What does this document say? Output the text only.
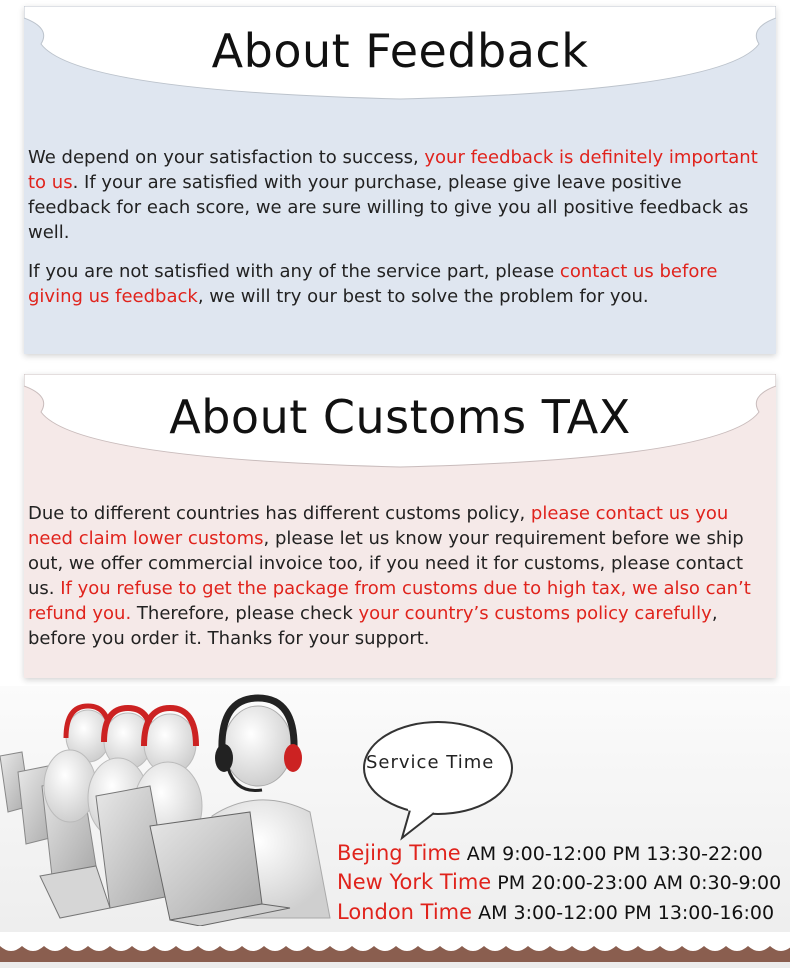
About Feedback

We depend on your satisfaction to success, your feedback is definitely important to us. If your are satisfied with your purchase, please give leave positive feedback for each score, we are sure willing to give you all positive feedback as well.

If you are not satisfied with any of the service part, please contact us before giving us feedback, we will try our best to solve the problem for you.

About Customs TAX

Due to different countries has different customs policy, please contact us you need claim lower customs, please let us know your requirement before we ship out, we offer commercial invoice too, if you need it for customs, please contact us. If you refuse to get the package from customs due to high tax, we also can’t refund you. Therefore, please check your country’s customs policy carefully, before you order it. Thanks for your support.

Service Time
Bejing Time AM 9:00-12:00 PM 13:30-22:00
New York Time PM 20:00-23:00 AM 0:30-9:00
London Time AM 3:00-12:00 PM 13:00-16:00
